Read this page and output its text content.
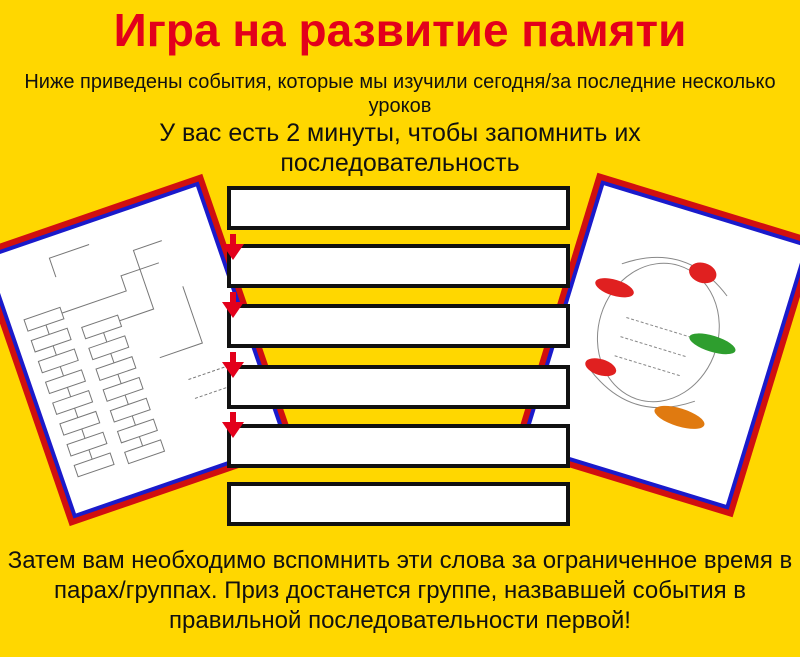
Игра на развитие памяти
Ниже приведены события, которые мы изучили сегодня/за последние несколько уроков
У вас есть 2 минуты, чтобы запомнить их последовательность
Затем вам необходимо вспомнить эти слова за ограниченное время в парах/группах. Приз достанется группе, назвавшей события в правильной последовательности первой!
